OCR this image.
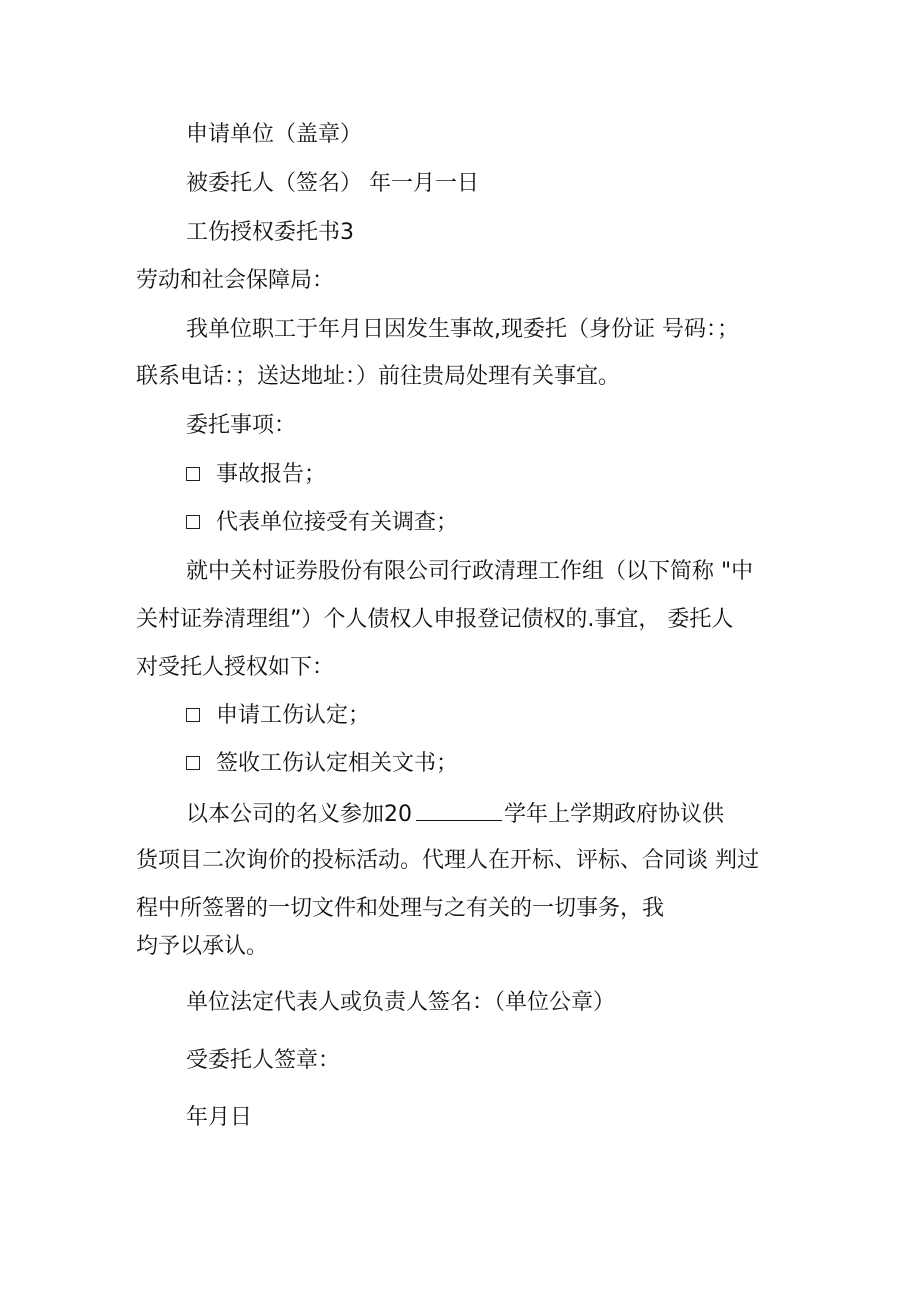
申请单位（盖章）
被委托人（签名） 年一月一日
工伤授权委托书3
劳动和社会保障局：
我单位职工于年月日因发生事故,现委托（身份证 号码：；
联系电话：；送达地址：）前往贵局处理有关事宜。
委托事项：
事故报告；
代表单位接受有关调查；
就中关村证券股份有限公司行政清理工作组（以下简称 "中
关村证券清理组”）个人债权人申报登记债权的.事宜， 委托人
对受托人授权如下：
申请工伤认定；
签收工伤认定相关文书；
以本公司的名义参加20	学年上学期政府协议供
货项目二次询价的投标活动。代理人在开标、评标、合同谈 判过
程中所签署的一切文件和处理与之有关的一切事务，我
均予以承认。
单位法定代表人或负责人签名：（单位公章）
受委托人签章：
年月日
